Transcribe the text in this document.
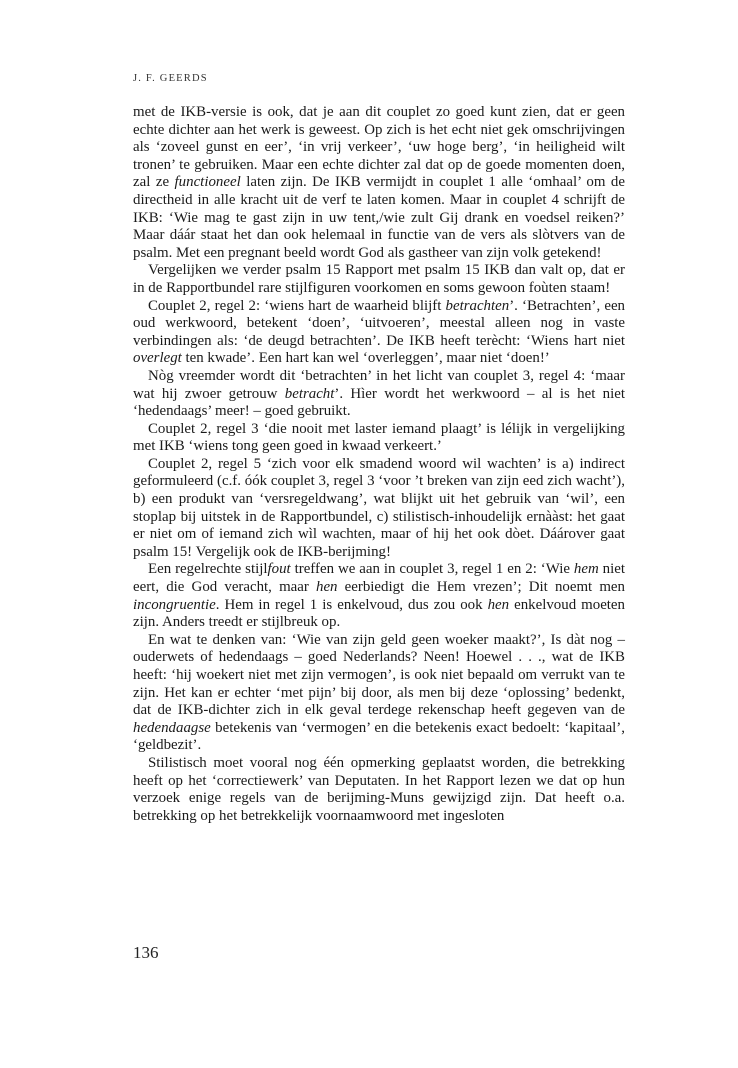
J. F. GEERDS

met de IKB-versie is ook, dat je aan dit couplet zo goed kunt zien, dat er geen echte dichter aan het werk is geweest. Op zich is het echt niet gek omschrijvingen als ‘zoveel gunst en eer’, ‘in vrij verkeer’, ‘uw hoge berg’, ‘in heiligheid wilt tronen’ te gebruiken. Maar een echte dichter zal dat op de goede momenten doen, zal ze functioneel laten zijn. De IKB vermijdt in couplet 1 alle ‘omhaal’ om de directheid in alle kracht uit de verf te laten komen. Maar in couplet 4 schrijft de IKB: ‘Wie mag te gast zijn in uw tent,/wie zult Gij drank en voedsel reiken?’ Maar dáár staat het dan ook helemaal in functie van de vers als slòtvers van de psalm. Met een pregnant beeld wordt God als gastheer van zijn volk getekend!

Vergelijken we verder psalm 15 Rapport met psalm 15 IKB dan valt op, dat er in de Rapportbundel rare stijlfiguren voorkomen en soms gewoon foùten staam!

Couplet 2, regel 2: ‘wiens hart de waarheid blijft betrachten’. ‘Betrachten’, een oud werkwoord, betekent ‘doen’, ‘uitvoeren’, meestal alleen nog in vaste verbindingen als: ‘de deugd betrachten’. De IKB heeft terècht: ‘Wiens hart niet overlegt ten kwade’. Een hart kan wel ‘overleggen’, maar niet ‘doen!’

Nòg vreemder wordt dit ‘betrachten’ in het licht van couplet 3, regel 4: ‘maar wat hij zwoer getrouw betracht’. Hìer wordt het werkwoord – al is het niet ‘hedendaags’ meer! – goed gebruikt.

Couplet 2, regel 3 ‘die nooit met laster iemand plaagt’ is lélijk in vergelijking met IKB ‘wiens tong geen goed in kwaad verkeert.’

Couplet 2, regel 5 ‘zich voor elk smadend woord wil wachten’ is a) indirect geformuleerd (c.f. óók couplet 3, regel 3 ‘voor ’t breken van zijn eed zich wacht’), b) een produkt van ‘versregeldwang’, wat blijkt uit het gebruik van ‘wil’, een stoplap bij uitstek in de Rapportbundel, c) stilistisch-inhoudelijk ernààst: het gaat er niet om of iemand zich wìl wachten, maar of hij het ook dòet. Dáárover gaat psalm 15! Vergelijk ook de IKB-berijming!

Een regelrechte stijlfout treffen we aan in couplet 3, regel 1 en 2: ‘Wie hem niet eert, die God veracht, maar hen eerbiedigt die Hem vrezen’; Dit noemt men incongruentie. Hem in regel 1 is enkelvoud, dus zou ook hen enkelvoud moeten zijn. Anders treedt er stijlbreuk op.

En wat te denken van: ‘Wie van zijn geld geen woeker maakt?’, Is dàt nog – ouderwets of hedendaags – goed Nederlands? Neen! Hoewel . . ., wat de IKB heeft: ‘hij woekert niet met zijn vermogen’, is ook niet bepaald om verrukt van te zijn. Het kan er echter ‘met pijn’ bij door, als men bij deze ‘oplossing’ bedenkt, dat de IKB-dichter zich in elk geval terdege rekenschap heeft gegeven van de hedendaagse betekenis van ‘vermogen’ en die betekenis exact bedoelt: ‘kapitaal’, ‘geldbezit’.

Stilistisch moet vooral nog één opmerking geplaatst worden, die betrekking heeft op het ‘correctiewerk’ van Deputaten. In het Rapport lezen we dat op hun verzoek enige regels van de berijming-Muns gewijzigd zijn. Dat heeft o.a. betrekking op het betrekkelijk voornaamwoord met ingesloten

136
